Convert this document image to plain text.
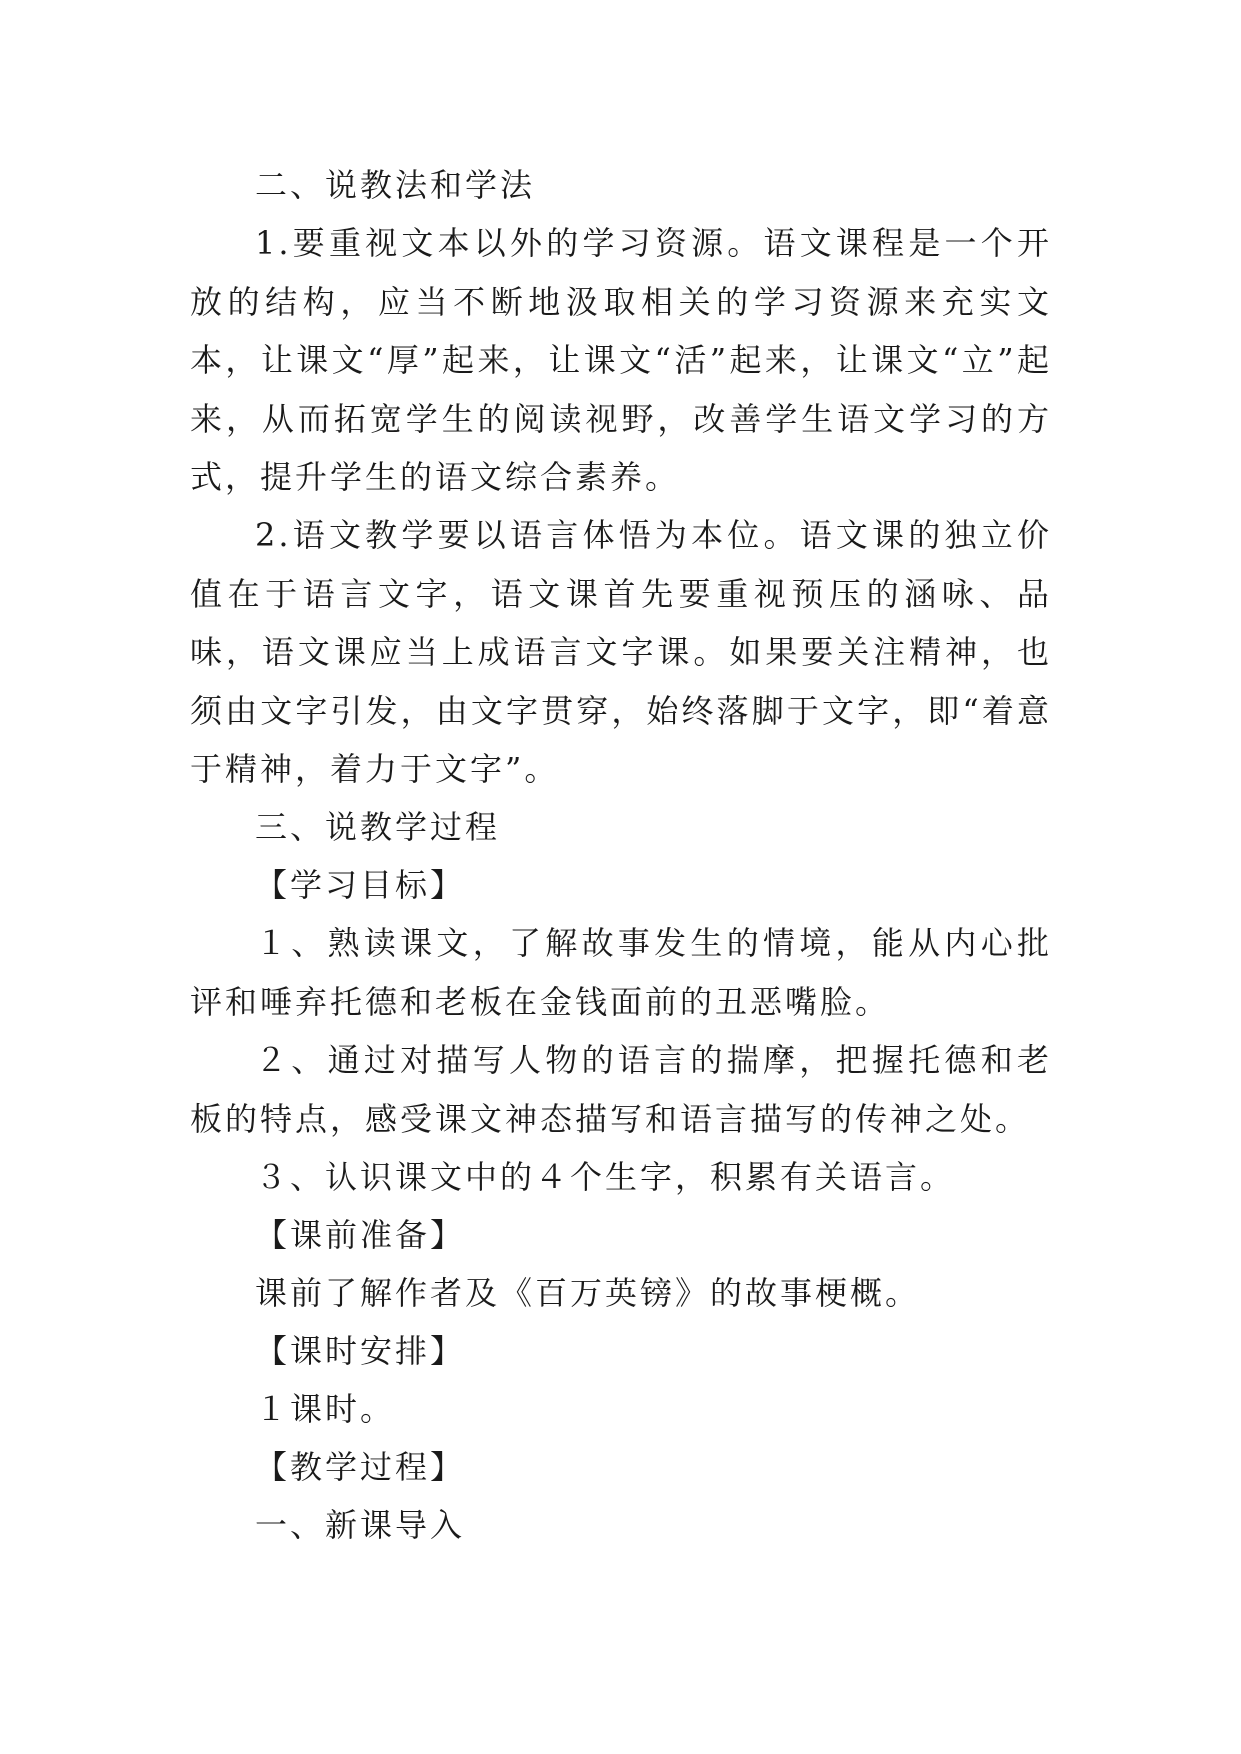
二、说教法和学法

1.要重视文本以外的学习资源。语文课程是一个开放的结构，应当不断地汲取相关的学习资源来充实文本，让课文“厚”起来，让课文“活”起来，让课文“立”起来，从而拓宽学生的阅读视野，改善学生语文学习的方式，提升学生的语文综合素养。

2.语文教学要以语言体悟为本位。语文课的独立价值在于语言文字，语文课首先要重视预压的涵咏、品味，语文课应当上成语言文字课。如果要关注精神，也须由文字引发，由文字贯穿，始终落脚于文字，即“着意于精神，着力于文字”。

三、说教学过程

【学习目标】

１、熟读课文，了解故事发生的情境，能从内心批评和唾弃托德和老板在金钱面前的丑恶嘴脸。

２、通过对描写人物的语言的揣摩，把握托德和老板的特点，感受课文神态描写和语言描写的传神之处。

３、认识课文中的４个生字，积累有关语言。

【课前准备】

课前了解作者及《百万英镑》的故事梗概。

【课时安排】

１课时。

【教学过程】

一、新课导入
